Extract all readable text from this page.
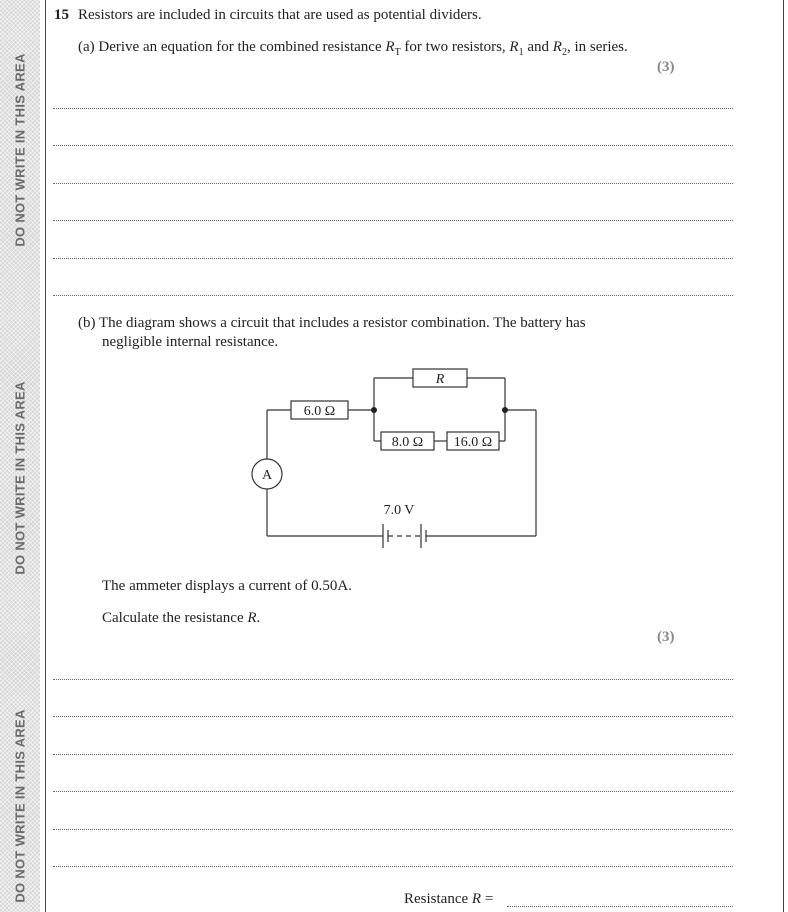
DO NOT WRITE IN THIS AREA
DO NOT WRITE IN THIS AREA
DO NOT WRITE IN THIS AREA
15 Resistors are included in circuits that are used as potential dividers.
(a) Derive an equation for the combined resistance $R_T$ for two resistors, $R_1$ and $R_2$, in series.
(3)
(b) The diagram shows a circuit that includes a resistor combination. The battery has
negligible internal resistance.
6.0 Ω
R
8.0 Ω 16.0 Ω
A
7.0 V
The ammeter displays a current of 0.50A.
Calculate the resistance R.
(3)
Resistance R =
